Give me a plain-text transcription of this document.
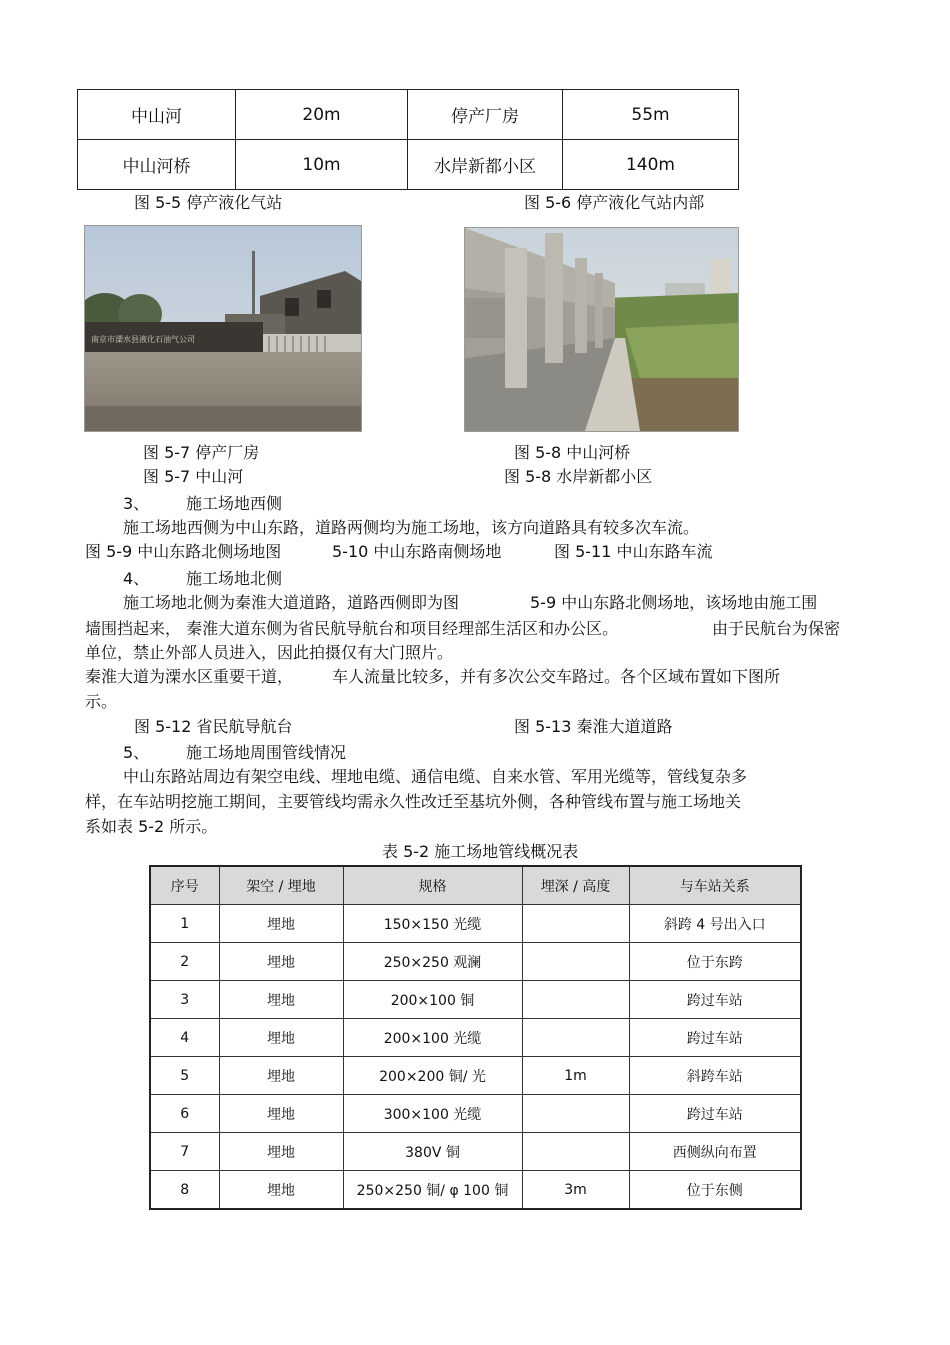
中山河	20m	停产厂房	55m
中山河桥	10m	水岸新都小区	140m
图 5-5 停产液化气站	图 5-6 停产液化气站内部
南京市溧水县液化石油气公司
图 5-7 停产厂房	图 5-8 中山河桥
图 5-7 中山河	图 5-8 水岸新都小区
3、 施工场地西侧
施工场地西侧为中山东路，道路两侧均为施工场地，该方向道路具有较多次车流。
图 5-9 中山东路北侧场地图	5-10 中山东路南侧场地	图 5-11 中山东路车流
4、 施工场地北侧
施工场地北侧为秦淮大道道路，道路西侧即为图	5-9 中山东路北侧场地，该场地由施工围
墙围挡起来， 秦淮大道东侧为省民航导航台和项目经理部生活区和办公区。	由于民航台为保密
单位，禁止外部人员进入，因此拍摄仅有大门照片。
秦淮大道为溧水区重要干道， 车人流量比较多，并有多次公交车路过。各个区域布置如下图所
示。
图 5-12 省民航导航台	图 5-13 秦淮大道道路
5、 施工场地周围管线情况
中山东路站周边有架空电线、埋地电缆、通信电缆、自来水管、军用光缆等，管线复杂多
样，在车站明挖施工期间，主要管线均需永久性改迁至基坑外侧，各种管线布置与施工场地关
系如表 5-2 所示。
表 5-2 施工场地管线概况表
序号	架空 / 埋地	规格	埋深 / 高度	与车站关系
1	埋地	150×150 光缆		斜跨 4 号出入口
2	埋地	250×250 观澜		位于东跨
3	埋地	200×100 铜		跨过车站
4	埋地	200×100 光缆		跨过车站
5	埋地	200×200 铜/ 光	1m	斜跨车站
6	埋地	300×100 光缆		跨过车站
7	埋地	380V 铜		西侧纵向布置
8	埋地	250×250 铜/ φ 100 铜	3m	位于东侧
